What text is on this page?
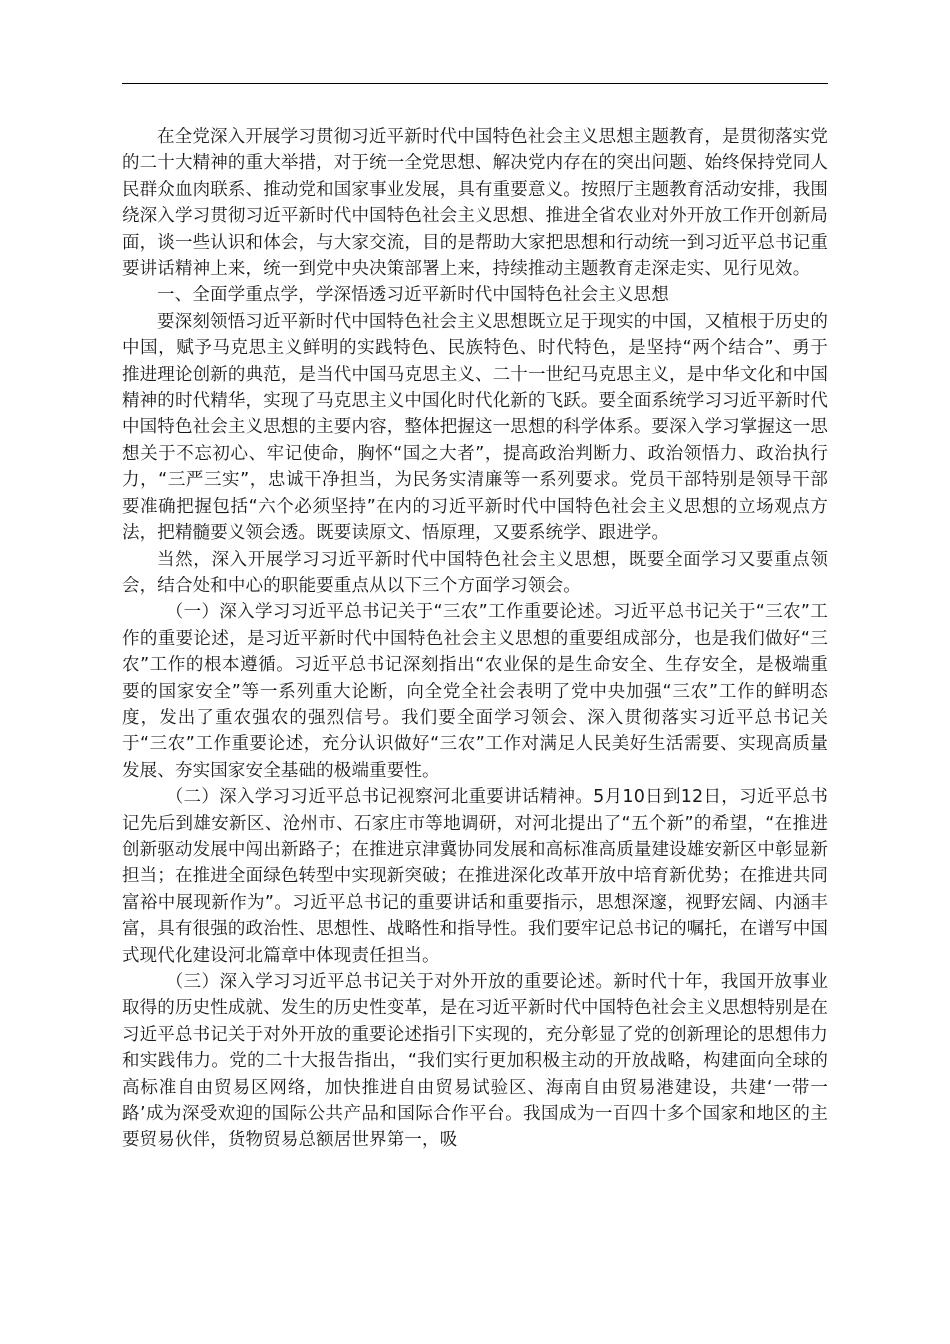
在全党深入开展学习贯彻习近平新时代中国特色社会主义思想主题教育，是贯彻落实党的二十大精神的重大举措，对于统一全党思想、解决党内存在的突出问题、始终保持党同人民群众血肉联系、推动党和国家事业发展，具有重要意义。按照厅主题教育活动安排，我围绕深入学习贯彻习近平新时代中国特色社会主义思想、推进全省农业对外开放工作开创新局面，谈一些认识和体会，与大家交流，目的是帮助大家把思想和行动统一到习近平总书记重要讲话精神上来，统一到党中央决策部署上来，持续推动主题教育走深走实、见行见效。

一、全面学重点学，学深悟透习近平新时代中国特色社会主义思想

要深刻领悟习近平新时代中国特色社会主义思想既立足于现实的中国，又植根于历史的中国，赋予马克思主义鲜明的实践特色、民族特色、时代特色，是坚持“两个结合”、勇于推进理论创新的典范，是当代中国马克思主义、二十一世纪马克思主义，是中华文化和中国精神的时代精华，实现了马克思主义中国化时代化新的飞跃。要全面系统学习习近平新时代中国特色社会主义思想的主要内容，整体把握这一思想的科学体系。要深入学习掌握这一思想关于不忘初心、牢记使命，胸怀“国之大者”，提高政治判断力、政治领悟力、政治执行力，“三严三实”，忠诚干净担当，为民务实清廉等一系列要求。党员干部特别是领导干部要准确把握包括“六个必须坚持”在内的习近平新时代中国特色社会主义思想的立场观点方法，把精髓要义领会透。既要读原文、悟原理，又要系统学、跟进学。

当然，深入开展学习习近平新时代中国特色社会主义思想，既要全面学习又要重点领会，结合处和中心的职能要重点从以下三个方面学习领会。

（一）深入学习习近平总书记关于“三农”工作重要论述。习近平总书记关于“三农”工作的重要论述，是习近平新时代中国特色社会主义思想的重要组成部分，也是我们做好“三农”工作的根本遵循。习近平总书记深刻指出“农业保的是生命安全、生存安全，是极端重要的国家安全”等一系列重大论断，向全党全社会表明了党中央加强“三农”工作的鲜明态度，发出了重农强农的强烈信号。我们要全面学习领会、深入贯彻落实习近平总书记关于“三农”工作重要论述，充分认识做好“三农”工作对满足人民美好生活需要、实现高质量发展、夯实国家安全基础的极端重要性。

（二）深入学习习近平总书记视察河北重要讲话精神。5月10日到12日，习近平总书记先后到雄安新区、沧州市、石家庄市等地调研，对河北提出了“五个新”的希望，“在推进创新驱动发展中闯出新路子；在推进京津冀协同发展和高标准高质量建设雄安新区中彰显新担当；在推进全面绿色转型中实现新突破；在推进深化改革开放中培育新优势；在推进共同富裕中展现新作为”。习近平总书记的重要讲话和重要指示，思想深邃，视野宏阔、内涵丰富，具有很强的政治性、思想性、战略性和指导性。我们要牢记总书记的嘱托，在谱写中国式现代化建设河北篇章中体现责任担当。

（三）深入学习习近平总书记关于对外开放的重要论述。新时代十年，我国开放事业取得的历史性成就、发生的历史性变革，是在习近平新时代中国特色社会主义思想特别是在习近平总书记关于对外开放的重要论述指引下实现的，充分彰显了党的创新理论的思想伟力和实践伟力。党的二十大报告指出，“我们实行更加积极主动的开放战略，构建面向全球的高标准自由贸易区网络，加快推进自由贸易试验区、海南自由贸易港建设，共建‘一带一路’成为深受欢迎的国际公共产品和国际合作平台。我国成为一百四十多个国家和地区的主要贸易伙伴，货物贸易总额居世界第一，吸
